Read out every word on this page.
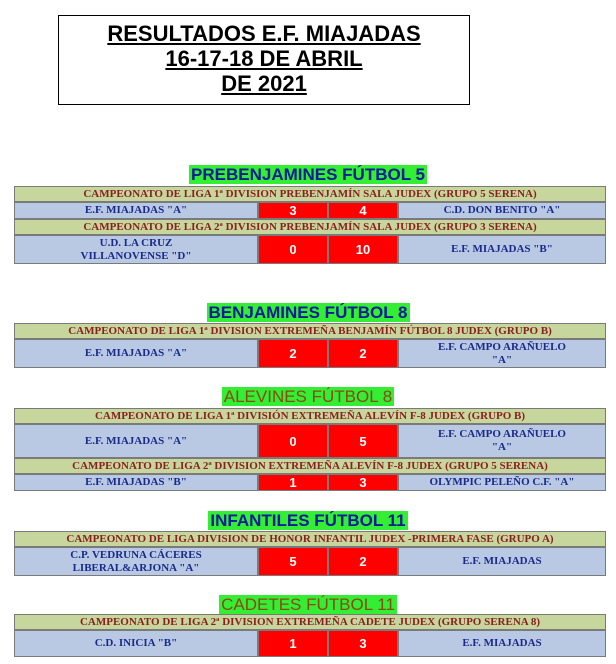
RESULTADOS E.F. MIAJADAS
16-17-18 DE ABRIL
DE 2021
PREBENJAMINES FÚTBOL 5
CAMPEONATO DE LIGA 1ª DIVISION PREBENJAMÍN SALA JUDEX (GRUPO 5 SERENA)
E.F. MIAJADAS "A"	3	4	C.D. DON BENITO "A"
CAMPEONATO DE LIGA 2ª DIVISION PREBENJAMÍN SALA JUDEX (GRUPO 3 SERENA)
U.D. LA CRUZ
VILLANOVENSE "D"	0	10	E.F. MIAJADAS "B"
BENJAMINES FÚTBOL 8
CAMPEONATO DE LIGA 1ª DIVISION EXTREMEÑA BENJAMÍN FÚTBOL 8 JUDEX (GRUPO B)
E.F. MIAJADAS "A"	2	2	E.F. CAMPO ARAÑUELO
"A"
ALEVINES FÚTBOL 8
CAMPEONATO DE LIGA 1ª DIVISIÓN EXTREMEÑA ALEVÍN F-8 JUDEX (GRUPO B)
E.F. MIAJADAS "A"	0	5	E.F. CAMPO ARAÑUELO
"A"
CAMPEONATO DE LIGA 2ª DIVISION EXTREMEÑA ALEVÍN F-8 JUDEX (GRUPO 5 SERENA)
E.F. MIAJADAS "B"	1	3	OLYMPIC PELEÑO C.F. "A"
INFANTILES FÚTBOL 11
CAMPEONATO DE LIGA DIVISION DE HONOR INFANTIL JUDEX -PRIMERA FASE (GRUPO A)
C.P. VEDRUNA CÁCERES
LIBERAL&ARJONA "A"	5	2	E.F. MIAJADAS
CADETES FÚTBOL 11
CAMPEONATO DE LIGA 2ª DIVISION EXTREMEÑA CADETE JUDEX (GRUPO SERENA 8)
C.D. INICIA "B"	1	3	E.F. MIAJADAS
